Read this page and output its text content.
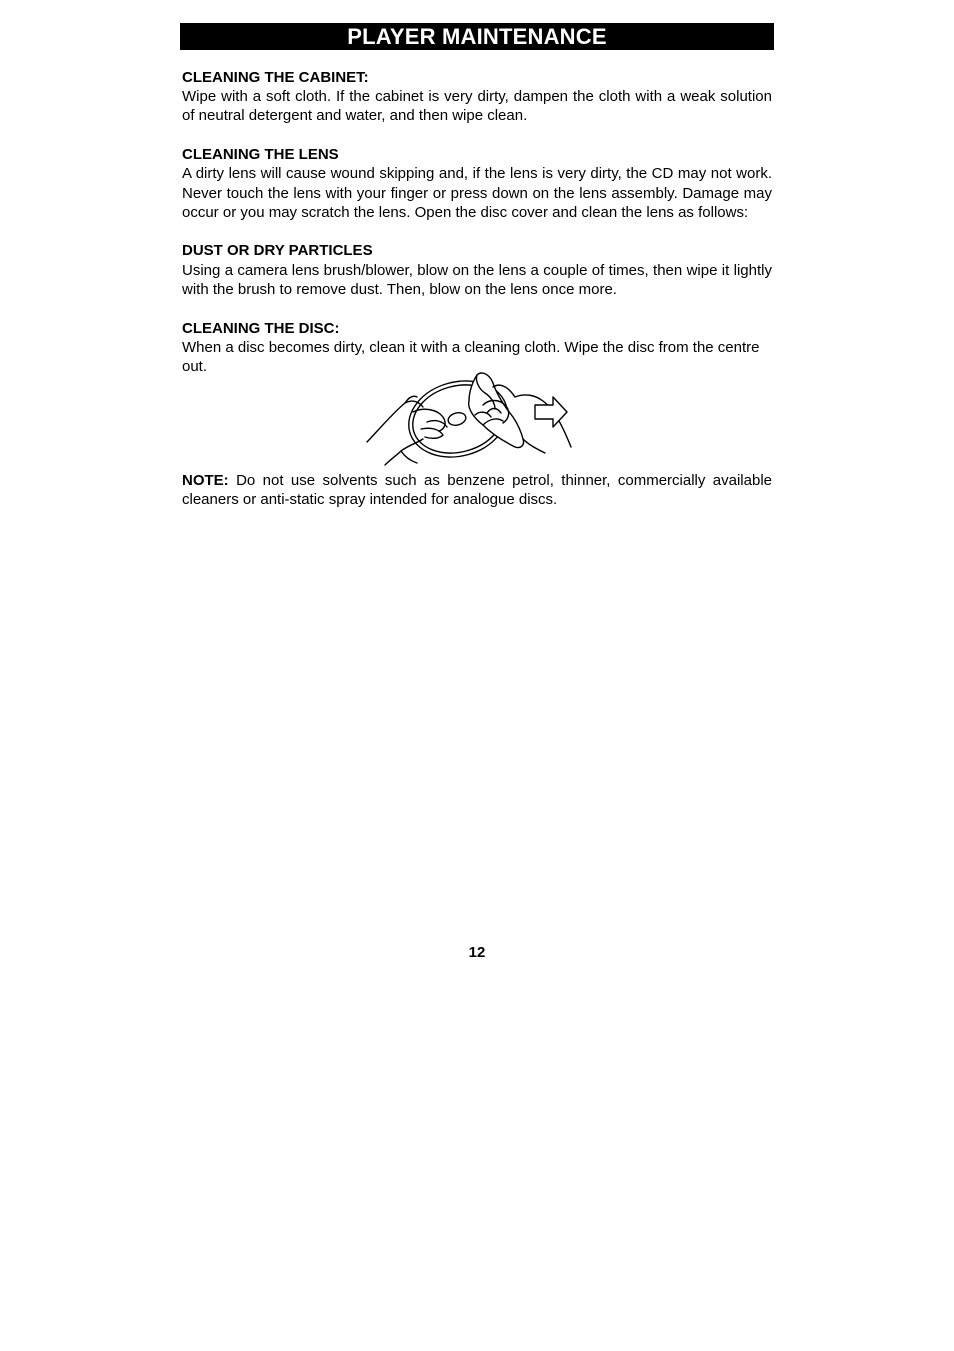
PLAYER MAINTENANCE

CLEANING THE CABINET:

Wipe with a soft cloth. If the cabinet is very dirty, dampen the cloth with a weak solution of neutral detergent and water, and then wipe clean.

CLEANING THE LENS

A dirty lens will cause wound skipping and, if the lens is very dirty, the CD may not work. Never touch the lens with your finger or press down on the lens assembly. Damage may occur or you may scratch the lens. Open the disc cover and clean the lens as follows:

DUST OR DRY PARTICLES

Using a camera lens brush/blower, blow on the lens a couple of times, then wipe it lightly with the brush to remove dust. Then, blow on the lens once more.

CLEANING THE DISC:

When a disc becomes dirty, clean it with a cleaning cloth. Wipe the disc from the centre out.

NOTE: Do not use solvents such as benzene petrol, thinner, commercially available cleaners or anti-static spray intended for analogue discs.

12
